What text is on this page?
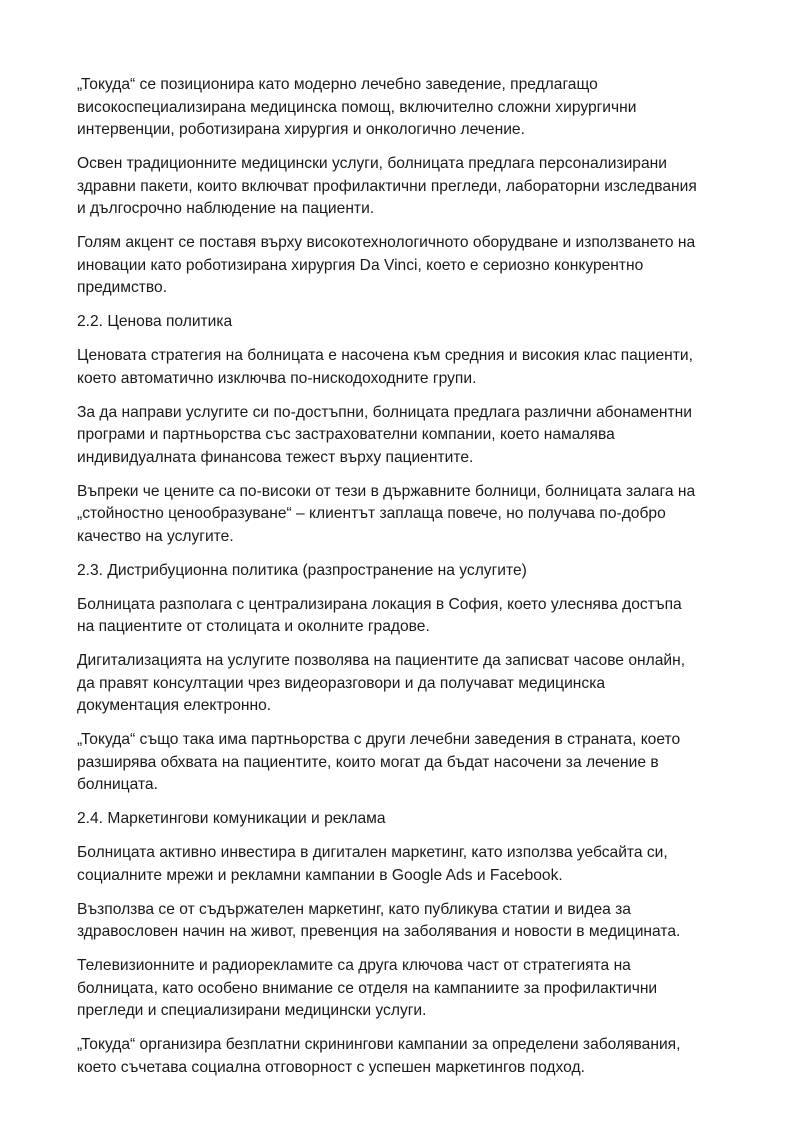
„Токуда“ се позиционира като модерно лечебно заведение, предлагащо
високоспециализирана медицинска помощ, включително сложни хирургични
интервенции, роботизирана хирургия и онкологично лечение.

Освен традиционните медицински услуги, болницата предлага персонализирани
здравни пакети, които включват профилактични прегледи, лабораторни изследвания
и дългосрочно наблюдение на пациенти.

Голям акцент се поставя върху високотехнологичното оборудване и използването на
иновации като роботизирана хирургия Da Vinci, което е сериозно конкурентно
предимство.

2.2. Ценова политика

Ценовата стратегия на болницата е насочена към средния и високия клас пациенти,
което автоматично изключва по-нискодоходните групи.

За да направи услугите си по-достъпни, болницата предлага различни абонаментни
програми и партньорства със застрахователни компании, което намалява
индивидуалната финансова тежест върху пациентите.

Въпреки че цените са по-високи от тези в държавните болници, болницата залага на
„стойностно ценообразуване“ – клиентът заплаща повече, но получава по-добро
качество на услугите.

2.3. Дистрибуционна политика (разпространение на услугите)

Болницата разполага с централизирана локация в София, което улеснява достъпа
на пациентите от столицата и околните градове.

Дигитализацията на услугите позволява на пациентите да записват часове онлайн,
да правят консултации чрез видеоразговори и да получават медицинска
документация електронно.

„Токуда“ също така има партньорства с други лечебни заведения в страната, което
разширява обхвата на пациентите, които могат да бъдат насочени за лечение в
болницата.

2.4. Маркетингови комуникации и реклама

Болницата активно инвестира в дигитален маркетинг, като използва уебсайта си,
социалните мрежи и рекламни кампании в Google Ads и Facebook.

Възползва се от съдържателен маркетинг, като публикува статии и видеа за
здравословен начин на живот, превенция на заболявания и новости в медицината.

Телевизионните и радиорекламите са друга ключова част от стратегията на
болницата, като особено внимание се отделя на кампаниите за профилактични
прегледи и специализирани медицински услуги.

„Токуда“ организира безплатни скринингови кампании за определени заболявания,
което съчетава социална отговорност с успешен маркетингов подход.
